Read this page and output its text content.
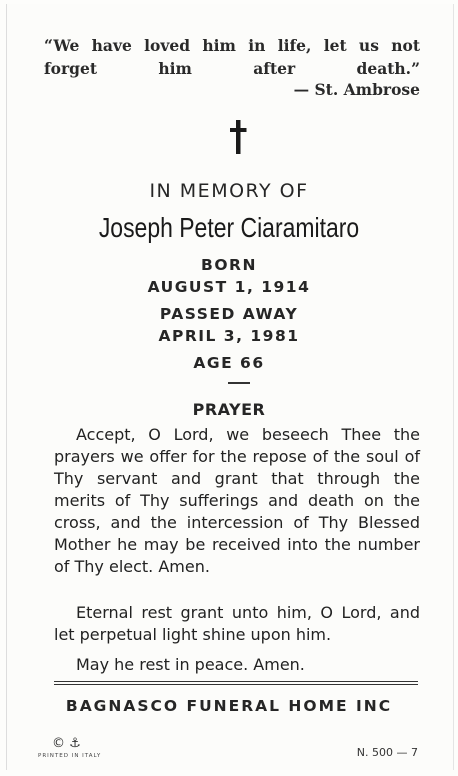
“We have loved him in life, let us not forget him after death.”
— St. Ambrose
IN MEMORY OF
Joseph Peter Ciaramitaro
BORN
AUGUST 1, 1914
PASSED AWAY
APRIL 3, 1981
AGE 66
PRAYER

Accept, O Lord, we beseech Thee the prayers we offer for the repose of the soul of Thy servant and grant that through the merits of Thy sufferings and death on the cross, and the intercession of Thy Blessed Mother he may be received into the number of Thy elect. Amen.

Eternal rest grant unto him, O Lord, and let perpetual light shine upon him.

May he rest in peace. Amen.

BAGNASCO FUNERAL HOME INC
© ⚓
PRINTED IN ITALY	N. 500 — 7
